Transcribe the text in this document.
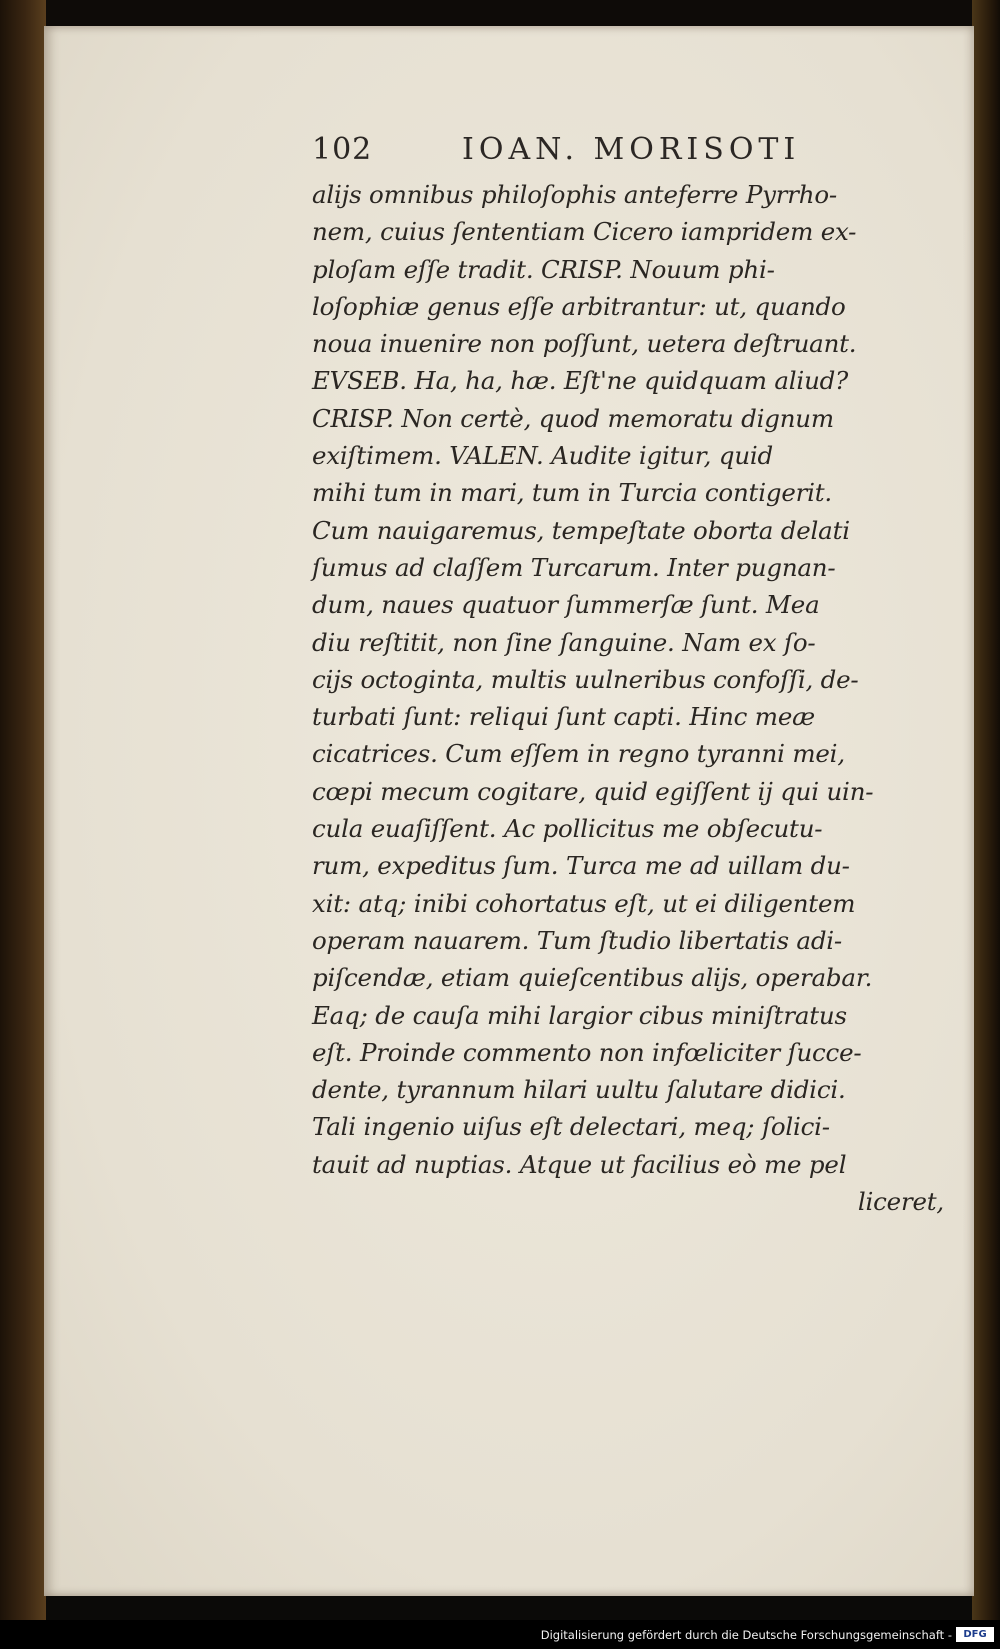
102	IOAN. MORISOTI
alijs omnibus philoſophis anteferre Pyrrho-
nem, cuius ſententiam Cicero iampridem ex-
ploſam eſſe tradit. CRISP. Nouum phi-
loſophiæ genus eſſe arbitrantur: ut, quando
noua inuenire non poſſunt, uetera deſtruant.
EVSEB. Ha, ha, hæ. Eſt'ne quidquam aliud?
CRISP. Non certè, quod memoratu dignum
exiſtimem. VALEN. Audite igitur, quid
mihi tum in mari, tum in Turcia contigerit.
Cum nauigaremus, tempeſtate oborta delati
ſumus ad claſſem Turcarum. Inter pugnan-
dum, naues quatuor ſummerſæ ſunt. Mea
diu reſtitit, non ſine ſanguine. Nam ex ſo-
cijs octoginta, multis uulneribus confoſſi, de-
turbati ſunt: reliqui ſunt capti. Hinc meæ
cicatrices. Cum eſſem in regno tyranni mei,
cœpi mecum cogitare, quid egiſſent ij qui uin-
cula euaſiſſent. Ac pollicitus me obſecutu-
rum, expeditus ſum. Turca me ad uillam du-
xit: atq; inibi cohortatus eſt, ut ei diligentem
operam nauarem. Tum ſtudio libertatis adi-
piſcendæ, etiam quieſcentibus alijs, operabar.
Eaq; de cauſa mihi largior cibus miniſtratus
eſt. Proinde commento non infœliciter ſucce-
dente, tyrannum hilari uultu ſalutare didici.
Tali ingenio uiſus eſt delectari, meq; ſolici-
tauit ad nuptias. Atque ut facilius eò me pel
liceret,
Digitalisierung gefördert durch die Deutsche Forschungsgemeinschaft -	DFG
